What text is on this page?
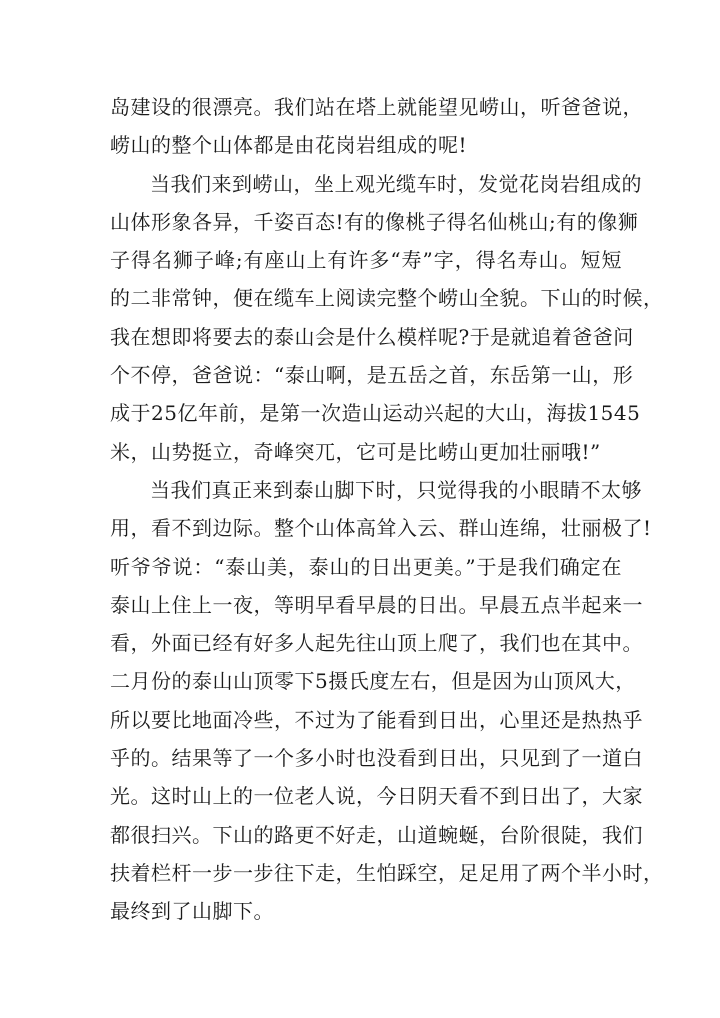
岛建设的很漂亮。我们站在塔上就能望见崂山，听爸爸说，
崂山的整个山体都是由花岗岩组成的呢!
当我们来到崂山，坐上观光缆车时，发觉花岗岩组成的
山体形象各异，千姿百态!有的像桃子得名仙桃山;有的像狮
子得名狮子峰;有座山上有许多“寿”字，得名寿山。短短
的二非常钟，便在缆车上阅读完整个崂山全貌。下山的时候，
我在想即将要去的泰山会是什么模样呢?于是就追着爸爸问
个不停，爸爸说：“泰山啊，是五岳之首，东岳第一山，形
成于25亿年前，是第一次造山运动兴起的大山，海拔1545
米，山势挺立，奇峰突兀，它可是比崂山更加壮丽哦!”
当我们真正来到泰山脚下时，只觉得我的小眼睛不太够
用，看不到边际。整个山体高耸入云、群山连绵，壮丽极了!
听爷爷说：“泰山美，泰山的日出更美。”于是我们确定在
泰山上住上一夜，等明早看早晨的日出。早晨五点半起来一
看，外面已经有好多人起先往山顶上爬了，我们也在其中。
二月份的泰山山顶零下5摄氏度左右，但是因为山顶风大，
所以要比地面冷些，不过为了能看到日出，心里还是热热乎
乎的。结果等了一个多小时也没看到日出，只见到了一道白
光。这时山上的一位老人说，今日阴天看不到日出了，大家
都很扫兴。下山的路更不好走，山道蜿蜒，台阶很陡，我们
扶着栏杆一步一步往下走，生怕踩空，足足用了两个半小时，
最终到了山脚下。
